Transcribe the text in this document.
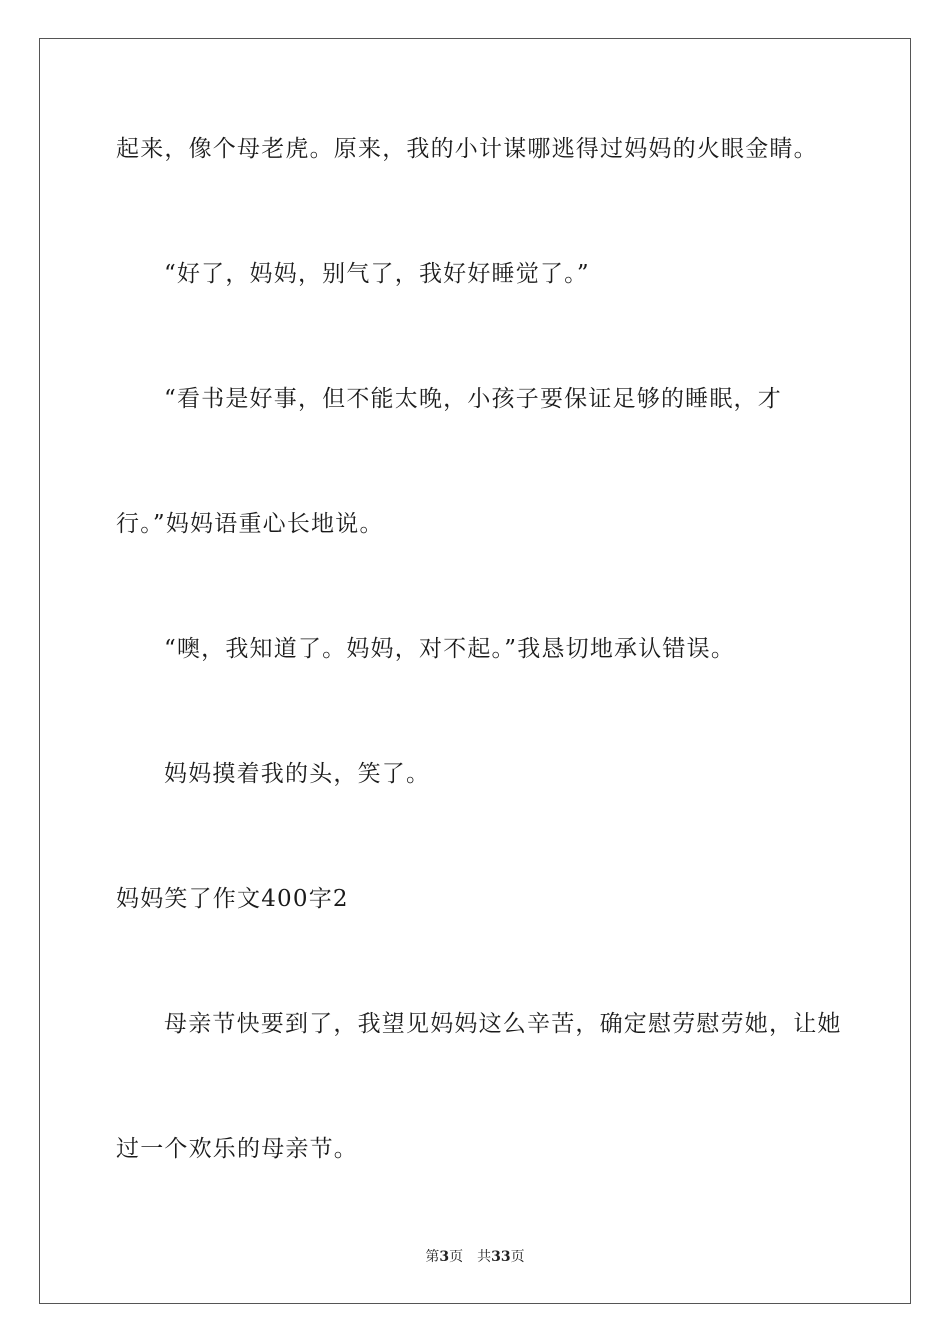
起来，像个母老虎。原来，我的小计谋哪逃得过妈妈的火眼金睛。
“好了，妈妈，别气了，我好好睡觉了。”
“看书是好事，但不能太晚，小孩子要保证足够的睡眠，才
行。”妈妈语重心长地说。
“噢，我知道了。妈妈，对不起。”我恳切地承认错误。
妈妈摸着我的头，笑了。
妈妈笑了作文400字2
母亲节快要到了，我望见妈妈这么辛苦，确定慰劳慰劳她，让她
过一个欢乐的母亲节。
第3页 共33页
